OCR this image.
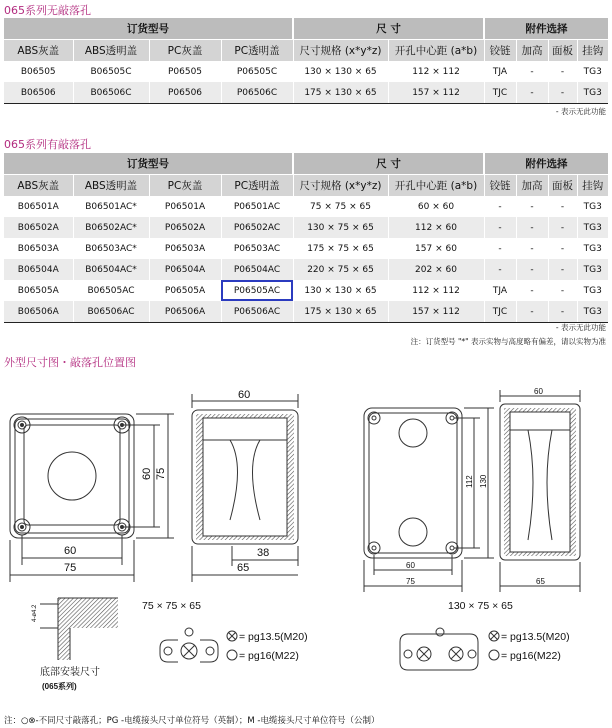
065系列无敲落孔
订货型号				尺 寸		附件选择			
ABS灰盖	ABS透明盖	PC灰盖	PC透明盖	尺寸规格 (x*y*z)	开孔中心距 (a*b)	铰链	加高	面板	挂钩
B06505	B06505C	P06505	P06505C	130 × 130 × 65	112 × 112	TJA	-	-	TG3
B06506	B06506C	P06506	P06506C	175 × 130 × 65	157 × 112	TJC	-	-	TG3
- 表示无此功能
065系列有敲落孔
订货型号				尺 寸		附件选择			
ABS灰盖	ABS透明盖	PC灰盖	PC透明盖	尺寸规格 (x*y*z)	开孔中心距 (a*b)	铰链	加高	面板	挂钩
B06501A	B06501AC*	P06501A	P06501AC	75 × 75 × 65	60 × 60	-	-	-	TG3
B06502A	B06502AC*	P06502A	P06502AC	130 × 75 × 65	112 × 60	-	-	-	TG3
B06503A	B06503AC*	P06503A	P06503AC	175 × 75 × 65	157 × 60	-	-	-	TG3
B06504A	B06504AC*	P06504A	P06504AC	220 × 75 × 65	202 × 60	-	-	-	TG3
B06505A	B06505AC	P06505A	P06505AC	130 × 130 × 65	112 × 112	TJA	-	-	TG3
B06506A	B06506AC	P06506A	P06506AC	175 × 130 × 65	157 × 112	TJC	-	-	TG3
- 表示无此功能
注：订货型号 "*" 表示实物与高度略有偏差，请以实物为准
外型尺寸图・敲落孔位置图
60
75
60 75
60
38
65
60
112 130
60
75	65
4-ø4.2	75 × 75 × 65	130 × 75 × 65
底部安装尺寸
(065系列)
= pg13.5(M20)
= pg16(M22)
= pg13.5(M20)
= pg16(M22)
注：○⊗-不同尺寸敲落孔；PG -电缆接头尺寸单位符号（英制）；M -电缆接头尺寸单位符号（公制）
